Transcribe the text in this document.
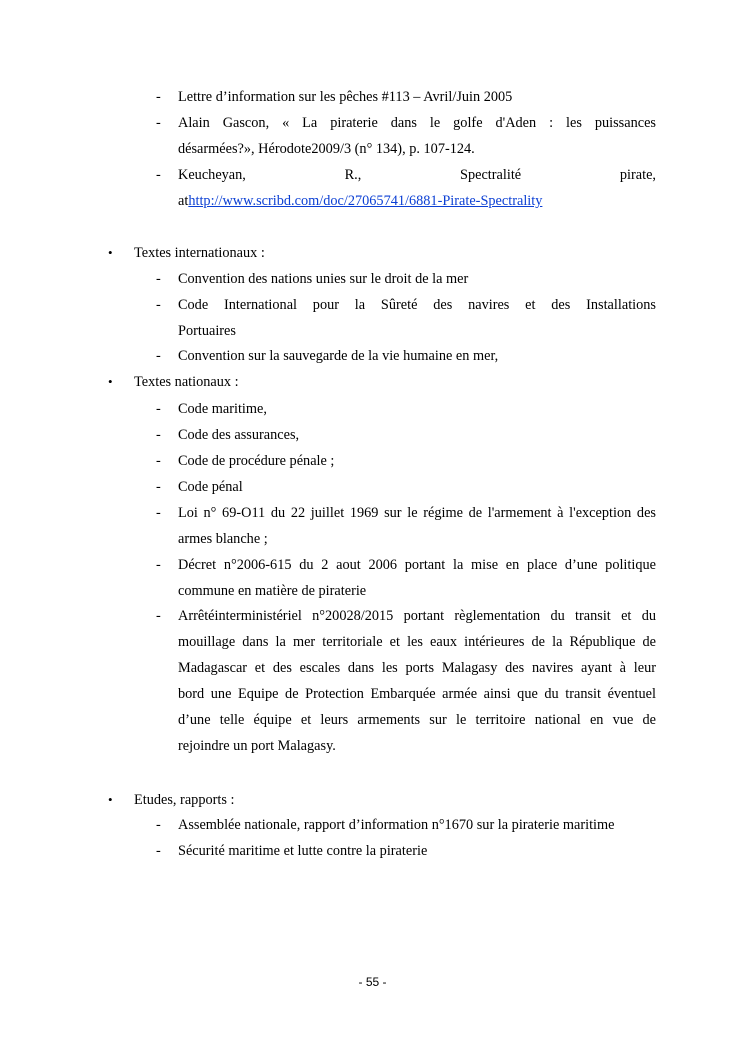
- Lettre d’information sur les pêches #113 – Avril/Juin 2005
- Alain Gascon, « La piraterie dans le golfe d'Aden : les puissances
désarmées?», Hérodote2009/3 (n° 134), p. 107-124.
- Keucheyan, R., Spectralité pirate,
athttp://www.scribd.com/doc/27065741/6881-Pirate-Spectrality
• Textes internationaux :
- Convention des nations unies sur le droit de la mer
- Code International pour la Sûreté des navires et des Installations
Portuaires
- Convention sur la sauvegarde de la vie humaine en mer,
• Textes nationaux :
- Code maritime,
- Code des assurances,
- Code de procédure pénale ;
- Code pénal
- Loi n° 69-O11 du 22 juillet 1969 sur le régime de l'armement à l'exception des
armes blanche ;
- Décret n°2006-615 du 2 aout 2006 portant la mise en place d’une politique
commune en matière de piraterie
- Arrêtéinterministériel n°20028/2015 portant règlementation du transit et du
mouillage dans la mer territoriale et les eaux intérieures de la République de
Madagascar et des escales dans les ports Malagasy des navires ayant à leur
bord une Equipe de Protection Embarquée armée ainsi que du transit éventuel
d’une telle équipe et leurs armements sur le territoire national en vue de
rejoindre un port Malagasy.
• Etudes, rapports :
- Assemblée nationale, rapport d’information n°1670 sur la piraterie maritime
- Sécurité maritime et lutte contre la piraterie
- 55 -
